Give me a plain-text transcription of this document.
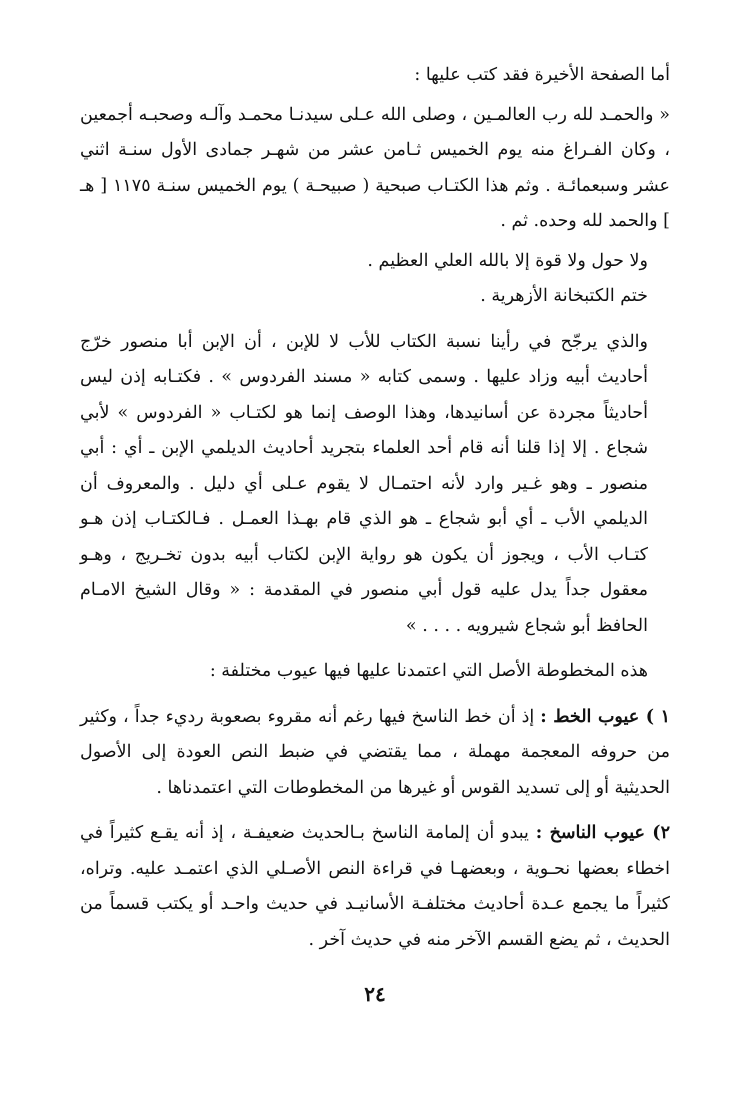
أما الصفحة الأخيرة فقد كتب عليها :

« والحمـد لله رب العالمـين ، وصلى الله عـلى سيدنـا محمـد وآلـه وصحبـه أجمعين ، وكان الفـراغ منه يوم الخميس ثـامن عشر من شهـر جمادى الأول سنـة اثني عشر وسبعمائـة . وثم هذا الكتـاب صبحية ( صبيحـة ) يوم الخميس سنـة ١١٧٥ [ هـ ] والحمد لله وحده. ثم .

ولا حول ولا قوة إلا بالله العلي العظيم .

ختم الكتبخانة الأزهرية .

والذي يرجّح في رأينا نسبة الكتاب للأب لا للإبن ، أن الإبن أبا منصور خرّج أحاديث أبيه وزاد عليها . وسمى كتابه « مسند الفردوس » . فكتـابه إذن ليس أحاديثاً مجردة عن أسانيدها، وهذا الوصف إنما هو لكتـاب « الفردوس » لأبي شجاع . إلا إذا قلنا أنه قام أحد العلماء بتجريد أحاديث الديلمي الإبن ـ أي : أبي منصور ـ وهو غـير وارد لأنه احتمـال لا يقوم عـلى أي دليل . والمعروف أن الديلمي الأب ـ أي أبو شجاع ـ هو الذي قام بهـذا العمـل . فـالكتـاب إذن هـو كتـاب الأب ، ويجوز أن يكون هو رواية الإبن لكتاب أبيه بدون تخـريج ، وهـو معقول جداً يدل عليه قول أبي منصور في المقدمة : « وقال الشيخ الامـام الحافظ أبو شجاع شيرويه . . . . »

هذه المخطوطة الأصل التي اعتمدنا عليها فيها عيوب مختلفة :

١ ) عيوب الخط : إذ أن خط الناسخ فيها رغم أنه مقروء بصعوبة رديء جداً ، وكثير من حروفه المعجمة مهملة ، مما يقتضي في ضبط النص العودة إلى الأصول الحديثية أو إلى تسديد القوس أو غيرها من المخطوطات التي اعتمدناها .

٢) عيوب الناسخ : يبدو أن إلمامة الناسخ بـالحديث ضعيفـة ، إذ أنه يقـع كثيراً في اخطاء بعضها نحـوية ، وبعضهـا في قراءة النص الأصـلي الذي اعتمـد عليه. وتراه، كثيراً ما يجمع عـدة أحاديث مختلفـة الأسانيـد في حديث واحـد أو يكتب قسماً من الحديث ، ثم يضع القسم الآخر منه في حديث آخر .

٢٤
